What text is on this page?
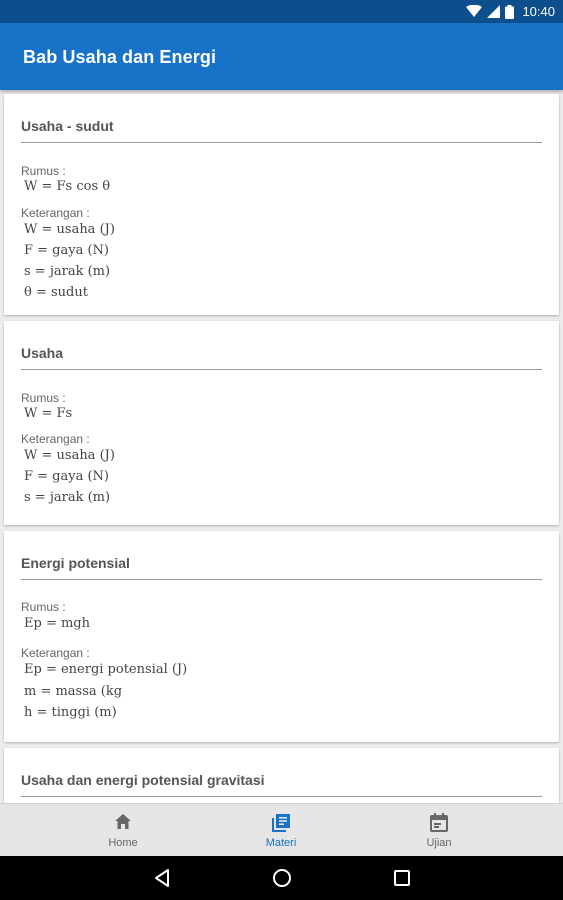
10:40
Bab Usaha dan Energi
Usaha - sudut
Rumus :
W = Fs cos θ
Keterangan :
W = usaha (J)
F = gaya (N)
s = jarak (m)
θ = sudut
Usaha
Rumus :
W = Fs
Keterangan :
W = usaha (J)
F = gaya (N)
s = jarak (m)
Energi potensial
Rumus :
Ep = mgh
Keterangan :
Ep = energi potensial (J)
m = massa (kg
h = tinggi (m)
Usaha dan energi potensial gravitasi
Home	Materi	Ujian
